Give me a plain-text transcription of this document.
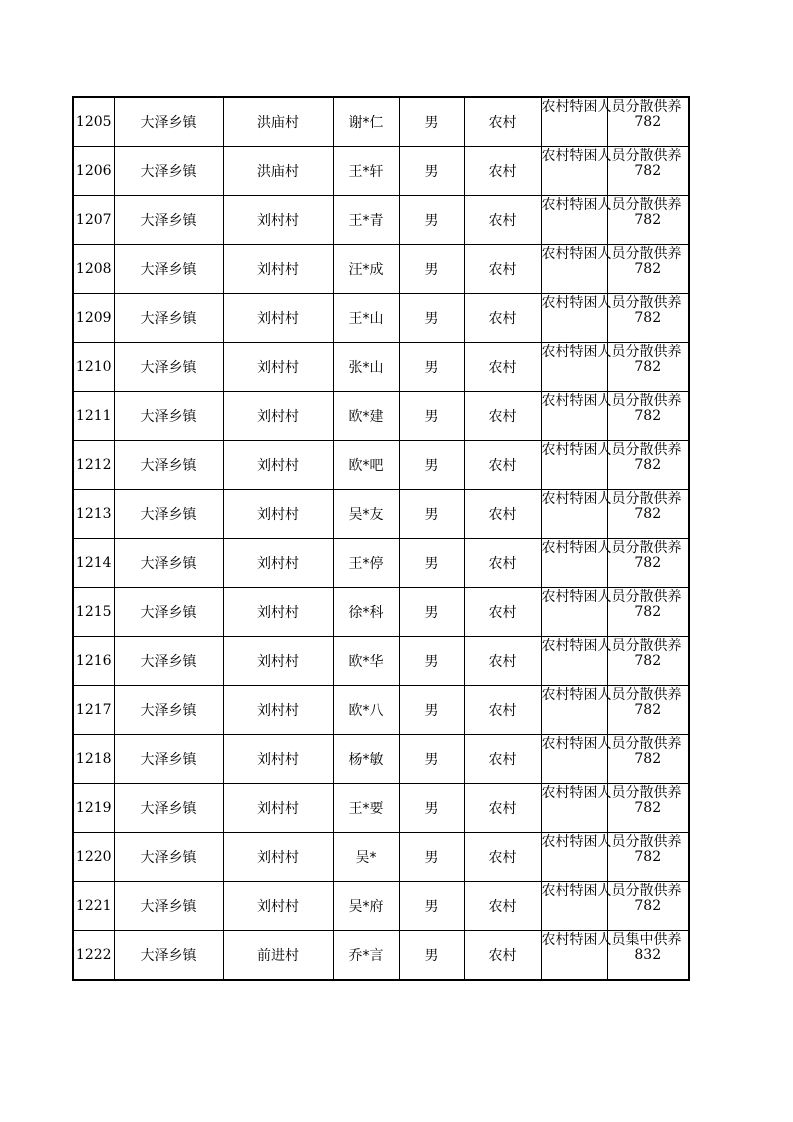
1205	大泽乡镇	洪庙村	谢*仁	男	农村	农村特困人员分散供养	782
1206	大泽乡镇	洪庙村	王*轩	男	农村	农村特困人员分散供养	782
1207	大泽乡镇	刘村村	王*青	男	农村	农村特困人员分散供养	782
1208	大泽乡镇	刘村村	汪*成	男	农村	农村特困人员分散供养	782
1209	大泽乡镇	刘村村	王*山	男	农村	农村特困人员分散供养	782
1210	大泽乡镇	刘村村	张*山	男	农村	农村特困人员分散供养	782
1211	大泽乡镇	刘村村	欧*建	男	农村	农村特困人员分散供养	782
1212	大泽乡镇	刘村村	欧*吧	男	农村	农村特困人员分散供养	782
1213	大泽乡镇	刘村村	吴*友	男	农村	农村特困人员分散供养	782
1214	大泽乡镇	刘村村	王*停	男	农村	农村特困人员分散供养	782
1215	大泽乡镇	刘村村	徐*科	男	农村	农村特困人员分散供养	782
1216	大泽乡镇	刘村村	欧*华	男	农村	农村特困人员分散供养	782
1217	大泽乡镇	刘村村	欧*八	男	农村	农村特困人员分散供养	782
1218	大泽乡镇	刘村村	杨*敏	男	农村	农村特困人员分散供养	782
1219	大泽乡镇	刘村村	王*要	男	农村	农村特困人员分散供养	782
1220	大泽乡镇	刘村村	吴*	男	农村	农村特困人员分散供养	782
1221	大泽乡镇	刘村村	吴*府	男	农村	农村特困人员分散供养	782
1222	大泽乡镇	前进村	乔*言	男	农村	农村特困人员集中供养	832
